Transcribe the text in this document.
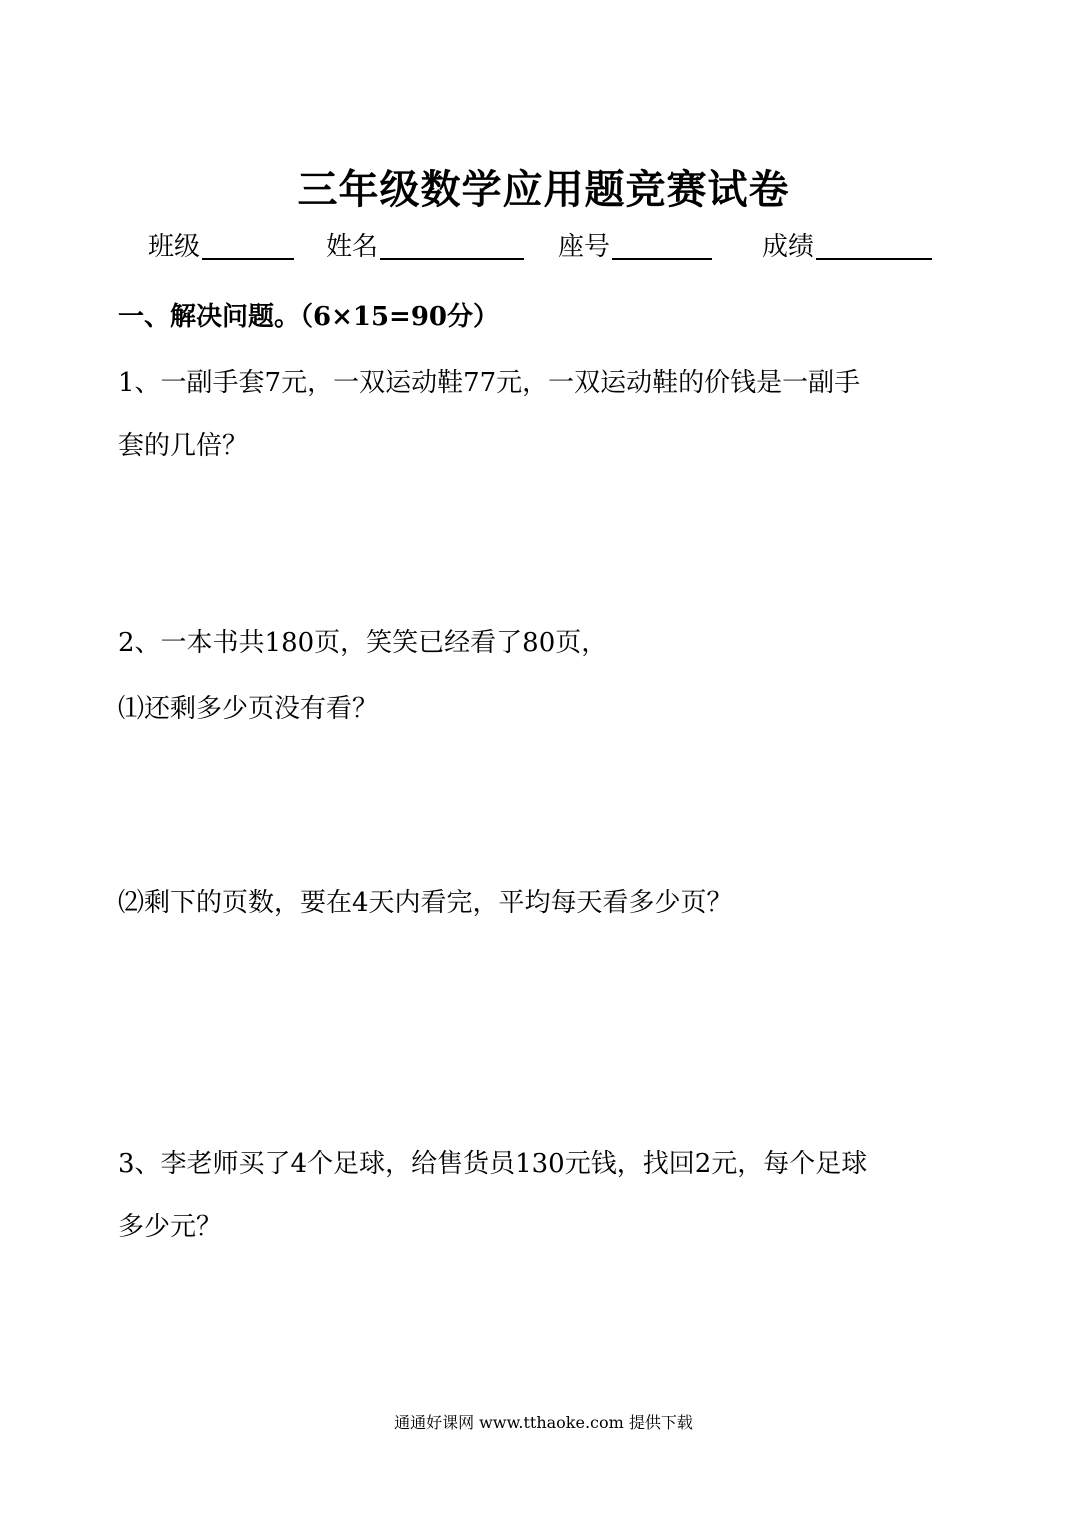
三年级数学应用题竞赛试卷
班级	姓名	座号	成绩
一、解决问题。（6×15=90分）
1、一副手套7元，一双运动鞋77元，一双运动鞋的价钱是一副手
套的几倍？
2、一本书共180页，笑笑已经看了80页，
⑴还剩多少页没有看？
⑵剩下的页数，要在4天内看完，平均每天看多少页？
3、李老师买了4个足球，给售货员130元钱，找回2元，每个足球
多少元？
通通好课网 www.tthaoke.com 提供下载
